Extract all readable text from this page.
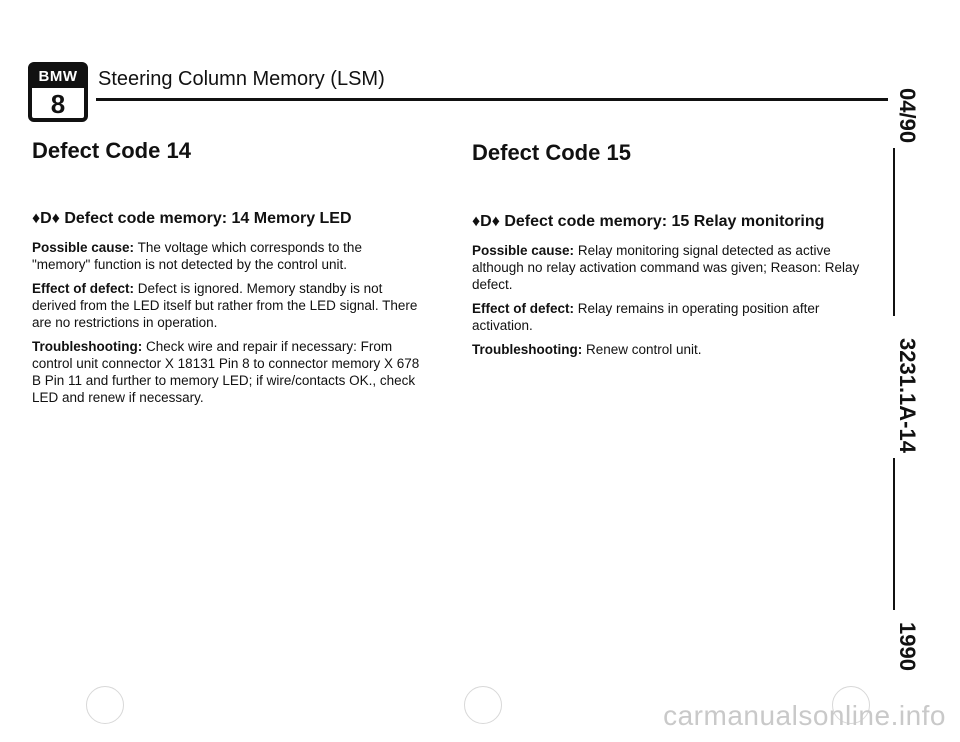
BMW
8
Steering Column Memory (LSM)
04/90
3231.1A-14
1990
Defect Code 14
♦D♦ Defect code memory: 14 Memory LED

Possible cause: The voltage which corresponds to the "memory" function is not detected by the control unit.

Effect of defect: Defect is ignored. Memory standby is not derived from the LED itself but rather from the LED signal. There are no restrictions in operation.

Troubleshooting: Check wire and repair if necessary: From control unit connector X 18131 Pin 8 to connector memory X 678 B Pin 11 and further to memory LED; if wire/contacts OK., check LED and renew if necessary.

Defect Code 15
♦D♦ Defect code memory: 15 Relay monitoring

Possible cause: Relay monitoring signal detected as active although no relay activation command was given; Reason: Relay defect.

Effect of defect: Relay remains in operating position after activation.

Troubleshooting: Renew control unit.

carmanualsonline.info
